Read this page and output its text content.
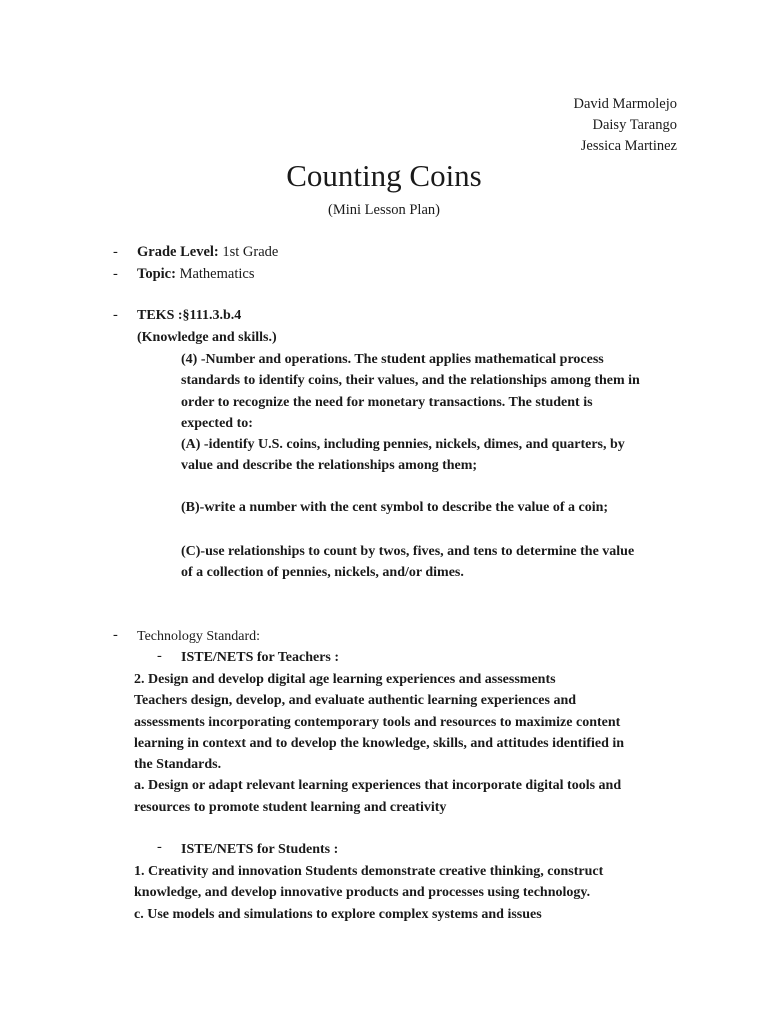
David Marmolejo
Daisy Tarango
Jessica Martinez
Counting Coins
(Mini Lesson Plan)
- Grade Level: 1st Grade
- Topic: Mathematics
- TEKS :§111.3.b.4
(Knowledge and skills.)
(4) -Number and operations. The student applies mathematical process
standards to identify coins, their values, and the relationships among them in
order to recognize the need for monetary transactions. The student is
expected to:
(A) -identify U.S. coins, including pennies, nickels, dimes, and quarters, by
value and describe the relationships among them;
(B)-write a number with the cent symbol to describe the value of a coin;
(C)-use relationships to count by twos, fives, and tens to determine the value
of a collection of pennies, nickels, and/or dimes.
- Technology Standard:
- ISTE/NETS for Teachers :
2. Design and develop digital age learning experiences and assessments
Teachers design, develop, and evaluate authentic learning experiences and
assessments incorporating contemporary tools and resources to maximize content
learning in context and to develop the knowledge, skills, and attitudes identified in
the Standards.
a. Design or adapt relevant learning experiences that incorporate digital tools and
resources to promote student learning and creativity
- ISTE/NETS for Students :
1. Creativity and innovation Students demonstrate creative thinking, construct
knowledge, and develop innovative products and processes using technology.
c. Use models and simulations to explore complex systems and issues
